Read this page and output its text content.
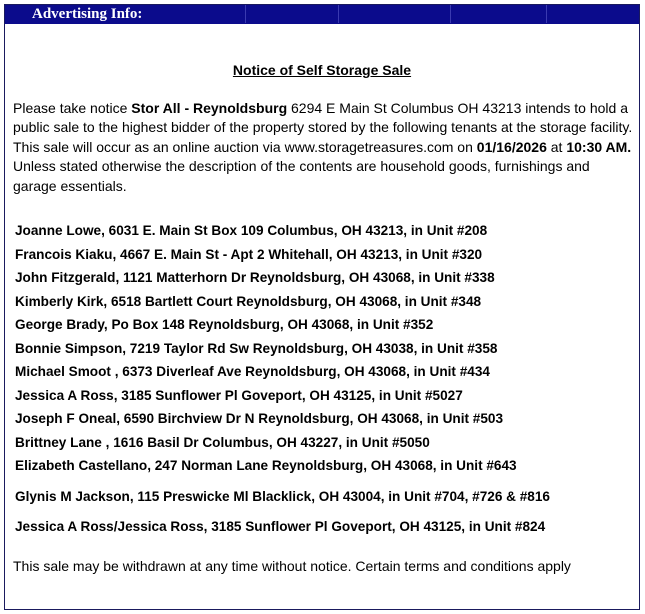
Advertising Info:
Notice of Self Storage Sale
Please take notice Stor All - Reynoldsburg 6294 E Main St Columbus OH 43213 intends to hold a public sale to the highest bidder of the property stored by the following tenants at the storage facility. This sale will occur as an online auction via www.storagetreasures.com on 01/16/2026 at 10:30 AM. Unless stated otherwise the description of the contents are household goods, furnishings and garage essentials.
Joanne Lowe, 6031 E. Main St Box 109 Columbus, OH 43213, in Unit #208
Francois Kiaku, 4667 E. Main St - Apt 2 Whitehall, OH 43213, in Unit #320
John Fitzgerald, 1121 Matterhorn Dr Reynoldsburg, OH 43068, in Unit #338
Kimberly Kirk, 6518 Bartlett Court Reynoldsburg, OH 43068, in Unit #348
George Brady, Po Box 148 Reynoldsburg, OH 43068, in Unit #352
Bonnie Simpson, 7219 Taylor Rd Sw Reynoldsburg, OH 43038, in Unit #358
Michael Smoot , 6373 Diverleaf Ave Reynoldsburg, OH 43068, in Unit #434
Jessica A Ross, 3185 Sunflower Pl Goveport, OH 43125, in Unit #5027
Joseph F Oneal, 6590 Birchview Dr N Reynoldsburg, OH 43068, in Unit #503
Brittney Lane , 1616 Basil Dr Columbus, OH 43227, in Unit #5050
Elizabeth Castellano, 247 Norman Lane Reynoldsburg, OH 43068, in Unit #643
Glynis M Jackson, 115 Preswicke Ml Blacklick, OH 43004, in Unit #704, #726 & #816
Jessica A Ross/Jessica Ross, 3185 Sunflower Pl Goveport, OH 43125, in Unit #824
This sale may be withdrawn at any time without notice. Certain terms and conditions apply
